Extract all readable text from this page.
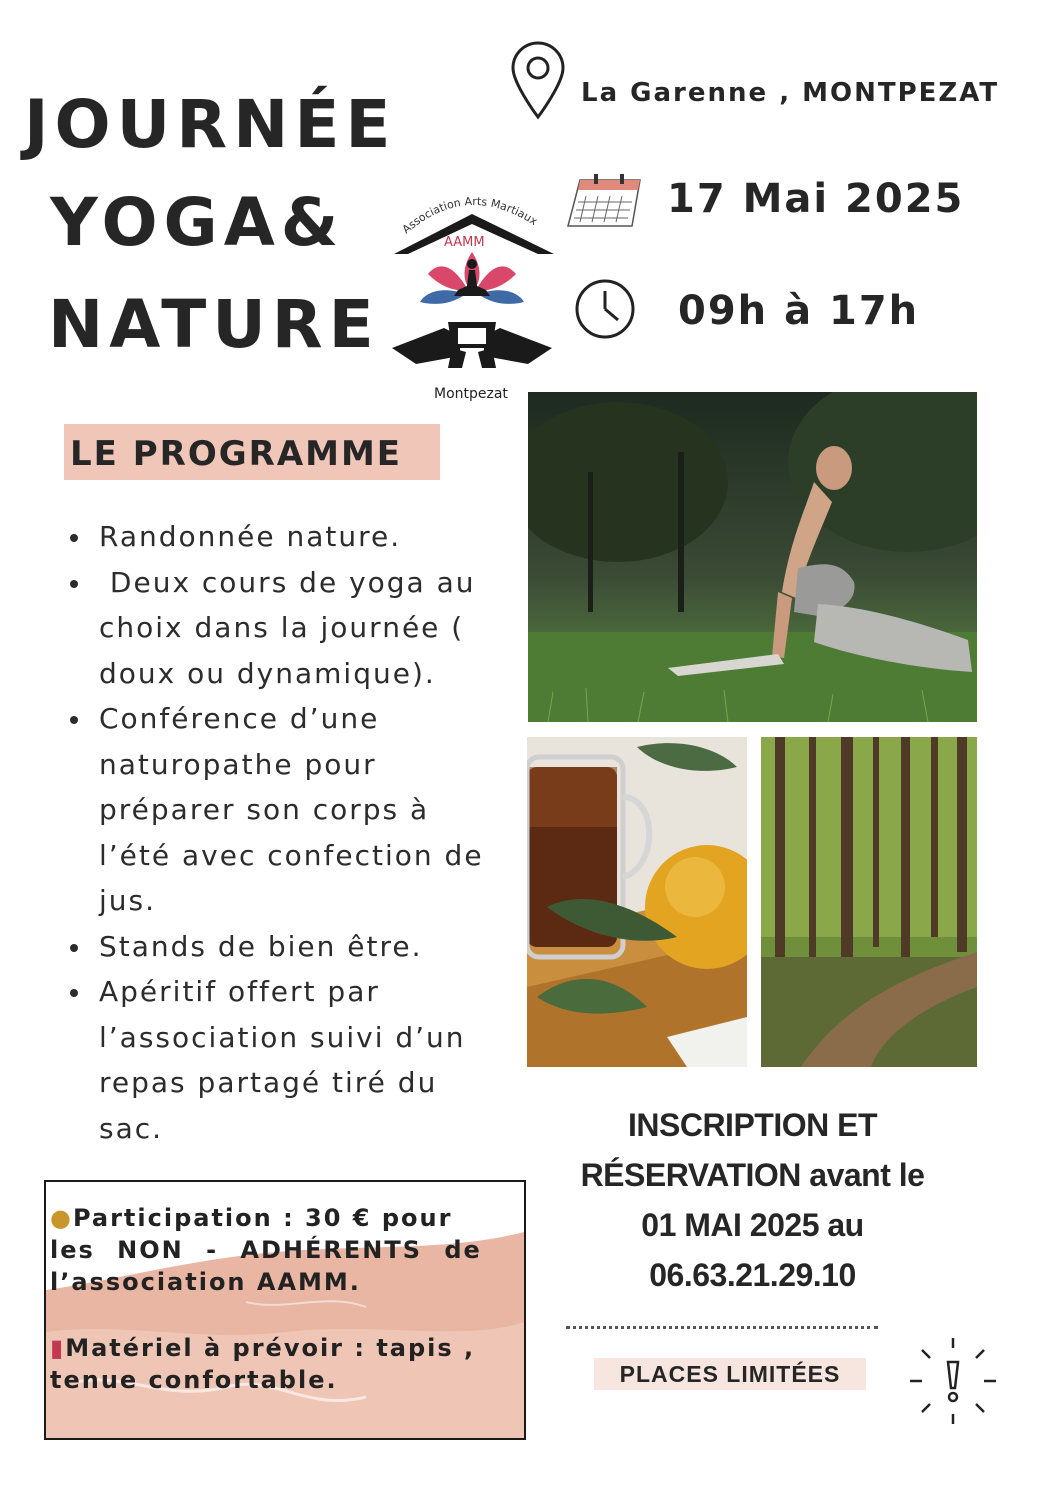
JOURNÉE
YOGA&
NATURE
Association Arts Martiaux
AAMM
Montpezat
La Garenne , MONTPEZAT
17 Mai 2025
09h à 17h
LE PROGRAMME
Randonnée nature.
Deux cours de yoga au choix dans la journée ( doux ou dynamique).
Conférence d’une naturopathe pour préparer son corps à l’été avec confection de jus.
Stands de bien être.
Apéritif offert par l’association suivi d’un repas partagé tiré du sac.	INSCRIPTION ET
RÉSERVATION avant le
01 MAI 2025 au
06.63.21.29.10
PLACES LIMITÉES
●Participation : 30 € pour
les NON - ADHÉRENTS de
l’association AAMM.
▮Matériel à prévoir : tapis ,
tenue confortable.
